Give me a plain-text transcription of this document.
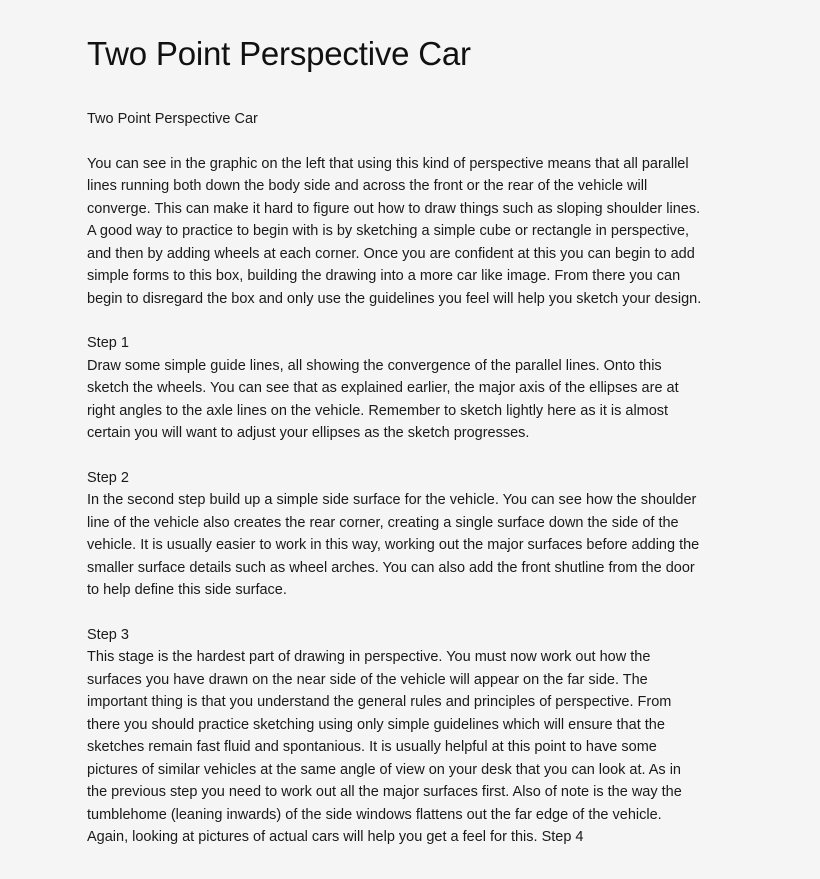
Two Point Perspective Car

Two Point Perspective Car

You can see in the graphic on the left that using this kind of perspective means that all parallel
lines running both down the body side and across the front or the rear of the vehicle will
converge. This can make it hard to figure out how to draw things such as sloping shoulder lines.
A good way to practice to begin with is by sketching a simple cube or rectangle in perspective,
and then by adding wheels at each corner. Once you are confident at this you can begin to add
simple forms to this box, building the drawing into a more car like image. From there you can
begin to disregard the box and only use the guidelines you feel will help you sketch your design.

Step 1

Draw some simple guide lines, all showing the convergence of the parallel lines. Onto this
sketch the wheels. You can see that as explained earlier, the major axis of the ellipses are at
right angles to the axle lines on the vehicle. Remember to sketch lightly here as it is almost
certain you will want to adjust your ellipses as the sketch progresses.

Step 2

In the second step build up a simple side surface for the vehicle. You can see how the shoulder
line of the vehicle also creates the rear corner, creating a single surface down the side of the
vehicle. It is usually easier to work in this way, working out the major surfaces before adding the
smaller surface details such as wheel arches. You can also add the front shutline from the door
to help define this side surface.

Step 3

This stage is the hardest part of drawing in perspective. You must now work out how the
surfaces you have drawn on the near side of the vehicle will appear on the far side. The
important thing is that you understand the general rules and principles of perspective. From
there you should practice sketching using only simple guidelines which will ensure that the
sketches remain fast fluid and spontanious. It is usually helpful at this point to have some
pictures of similar vehicles at the same angle of view on your desk that you can look at. As in
the previous step you need to work out all the major surfaces first. Also of note is the way the
tumblehome (leaning inwards) of the side windows flattens out the far edge of the vehicle.
Again, looking at pictures of actual cars will help you get a feel for this. Step 4
